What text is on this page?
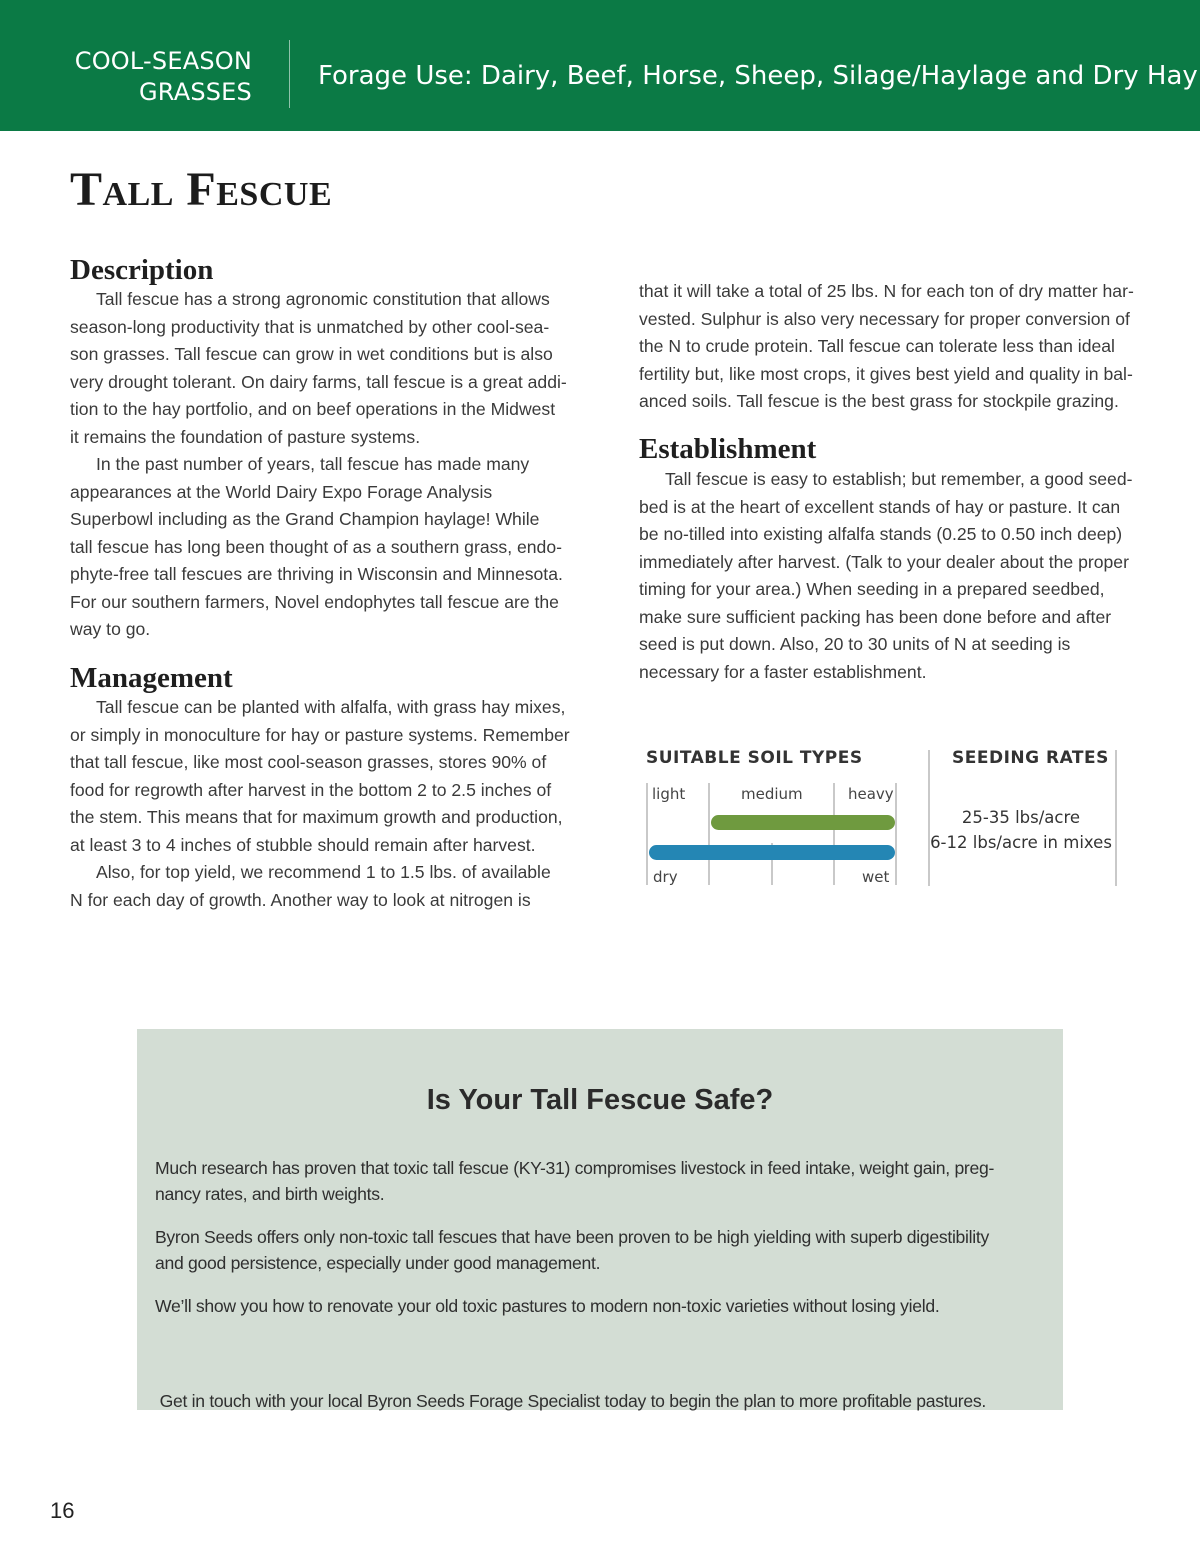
COOL-SEASON
GRASSES
Forage Use: Dairy, Beef, Horse, Sheep, Silage/Haylage and Dry Hay
Tall Fescue
Description
Tall fescue has a strong agronomic constitution that allows
season-long productivity that is unmatched by other cool-sea-
son grasses. Tall fescue can grow in wet conditions but is also
very drought tolerant. On dairy farms, tall fescue is a great addi-
tion to the hay portfolio, and on beef operations in the Midwest
it remains the foundation of pasture systems.
In the past number of years, tall fescue has made many
appearances at the World Dairy Expo Forage Analysis
Superbowl including as the Grand Champion haylage! While
tall fescue has long been thought of as a southern grass, endo-
phyte-free tall fescues are thriving in Wisconsin and Minnesota.
For our southern farmers, Novel endophytes tall fescue are the
way to go.
Management
Tall fescue can be planted with alfalfa, with grass hay mixes,
or simply in monoculture for hay or pasture systems. Remember
that tall fescue, like most cool-season grasses, stores 90% of
food for regrowth after harvest in the bottom 2 to 2.5 inches of
the stem. This means that for maximum growth and production,
at least 3 to 4 inches of stubble should remain after harvest.
Also, for top yield, we recommend 1 to 1.5 lbs. of available
N for each day of growth. Another way to look at nitrogen is
that it will take a total of 25 lbs. N for each ton of dry matter har-
vested. Sulphur is also very necessary for proper conversion of
the N to crude protein. Tall fescue can tolerate less than ideal
fertility but, like most crops, it gives best yield and quality in bal-
anced soils. Tall fescue is the best grass for stockpile grazing.
Establishment
Tall fescue is easy to establish; but remember, a good seed-
bed is at the heart of excellent stands of hay or pasture. It can
be no-tilled into existing alfalfa stands (0.25 to 0.50 inch deep)
immediately after harvest. (Talk to your dealer about the proper
timing for your area.) When seeding in a prepared seedbed,
make sure sufficient packing has been done before and after
seed is put down. Also, 20 to 30 units of N at seeding is
necessary for a faster establishment.
SUITABLE SOIL TYPES
light	medium	heavy
dry	wet
SEEDING RATES
25-35 lbs/acre
6-12 lbs/acre in mixes
Is Your Tall Fescue Safe?
Much research has proven that toxic tall fescue (KY-31) compromises livestock in feed intake, weight gain, preg-
nancy rates, and birth weights.
Byron Seeds offers only non-toxic tall fescues that have been proven to be high yielding with superb digestibility
and good persistence, especially under good management.
We’ll show you how to renovate your old toxic pastures to modern non-toxic varieties without losing yield.

Get in touch with your local Byron Seeds Forage Specialist today to begin the plan to more profitable pastures.

16
